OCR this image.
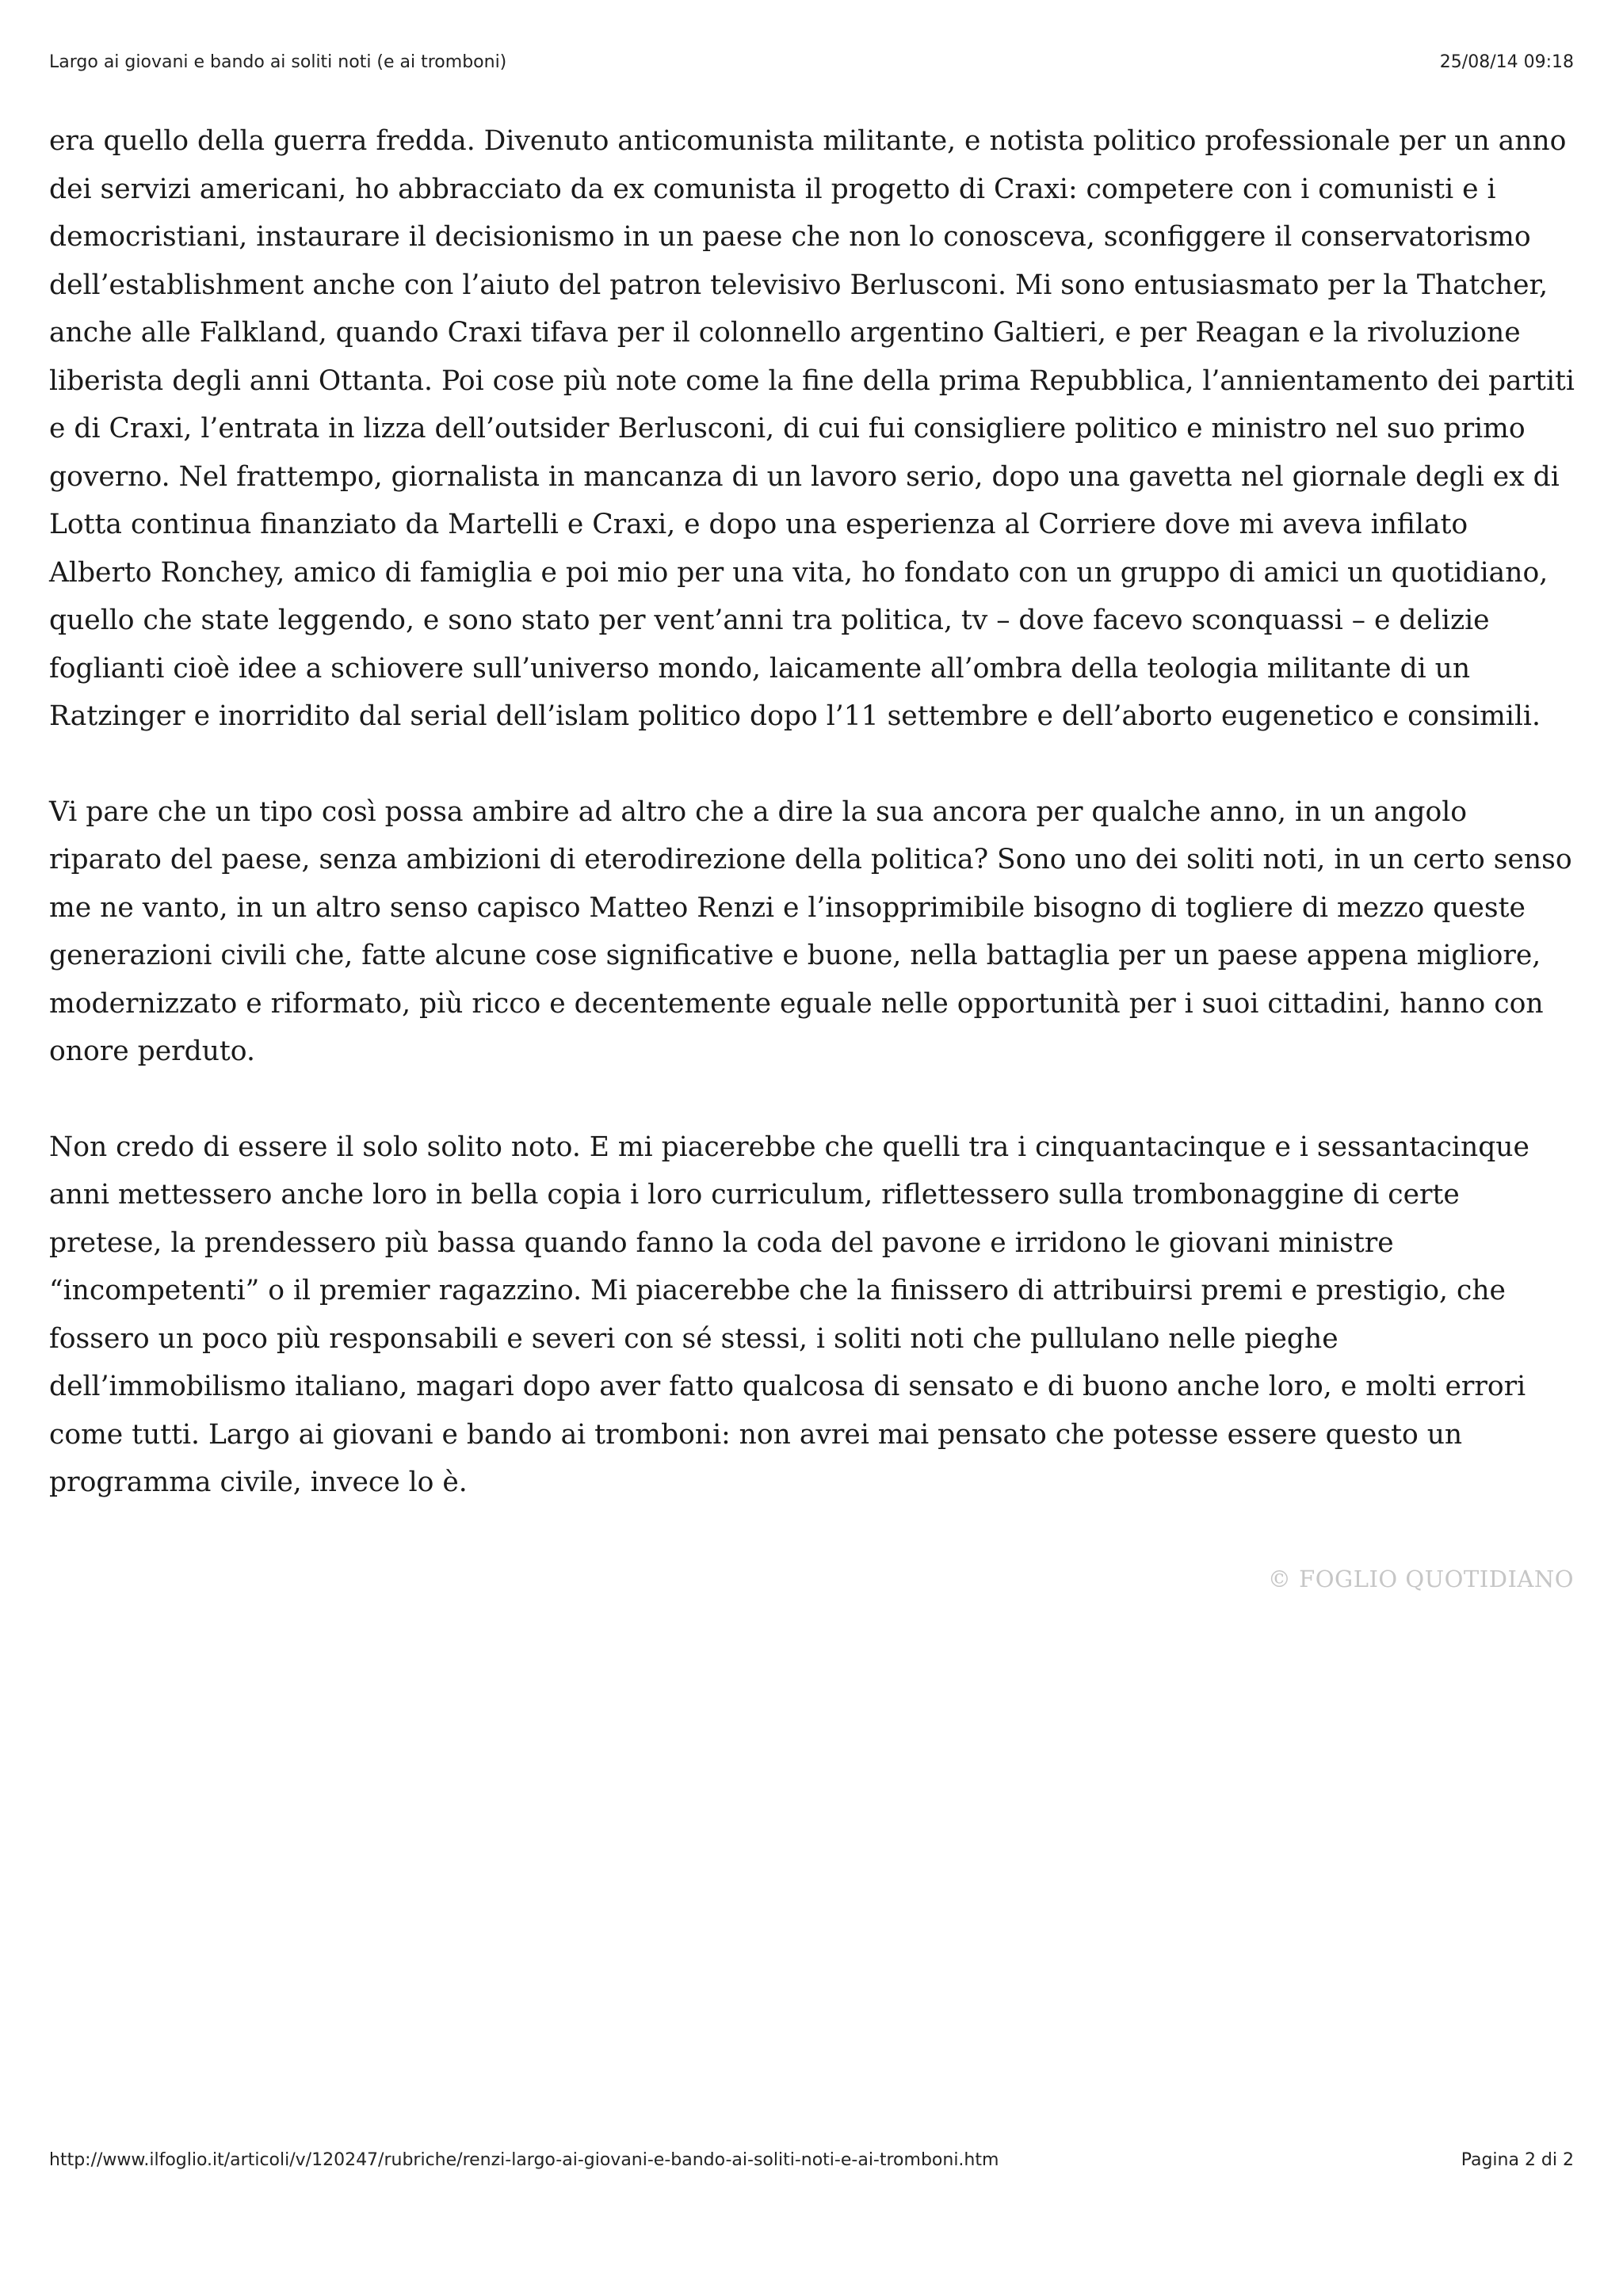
Largo ai giovani e bando ai soliti noti (e ai tromboni)	25/08/14 09:18

era quello della guerra fredda. Divenuto anticomunista militante, e notista politico professionale per un anno dei servizi americani, ho abbracciato da ex comunista il progetto di Craxi: competere con i comunisti e i democristiani, instaurare il decisionismo in un paese che non lo conosceva, sconfiggere il conservatorismo dell’establishment anche con l’aiuto del patron televisivo Berlusconi. Mi sono entusiasmato per la Thatcher, anche alle Falkland, quando Craxi tifava per il colonnello argentino Galtieri, e per Reagan e la rivoluzione liberista degli anni Ottanta. Poi cose più note come la fine della prima Repubblica, l’annientamento dei partiti e di Craxi, l’entrata in lizza dell’outsider Berlusconi, di cui fui consigliere politico e ministro nel suo primo governo. Nel frattempo, giornalista in mancanza di un lavoro serio, dopo una gavetta nel giornale degli ex di Lotta continua finanziato da Martelli e Craxi, e dopo una esperienza al Corriere dove mi aveva infilato Alberto Ronchey, amico di famiglia e poi mio per una vita, ho fondato con un gruppo di amici un quotidiano, quello che state leggendo, e sono stato per vent’anni tra politica, tv – dove facevo sconquassi – e delizie foglianti cioè idee a schiovere sull’universo mondo, laicamente all’ombra della teologia militante di un Ratzinger e inorridito dal serial dell’islam politico dopo l’11 settembre e dell’aborto eugenetico e consimili.

Vi pare che un tipo così possa ambire ad altro che a dire la sua ancora per qualche anno, in un angolo riparato del paese, senza ambizioni di eterodirezione della politica? Sono uno dei soliti noti, in un certo senso me ne vanto, in un altro senso capisco Matteo Renzi e l’insopprimibile bisogno di togliere di mezzo queste generazioni civili che, fatte alcune cose significative e buone, nella battaglia per un paese appena migliore, modernizzato e riformato, più ricco e decentemente eguale nelle opportunità per i suoi cittadini, hanno con onore perduto.

Non credo di essere il solo solito noto. E mi piacerebbe che quelli tra i cinquantacinque e i sessantacinque anni mettessero anche loro in bella copia i loro curriculum, riflettessero sulla trombonaggine di certe pretese, la prendessero più bassa quando fanno la coda del pavone e irridono le giovani ministre “incompetenti” o il premier ragazzino. Mi piacerebbe che la finissero di attribuirsi premi e prestigio, che fossero un poco più responsabili e severi con sé stessi, i soliti noti che pullulano nelle pieghe dell’immobilismo italiano, magari dopo aver fatto qualcosa di sensato e di buono anche loro, e molti errori come tutti. Largo ai giovani e bando ai tromboni: non avrei mai pensato che potesse essere questo un programma civile, invece lo è.

© FOGLIO QUOTIDIANO
http://www.ilfoglio.it/articoli/v/120247/rubriche/renzi-largo-ai-giovani-e-bando-ai-soliti-noti-e-ai-tromboni.htm	Pagina 2 di 2
